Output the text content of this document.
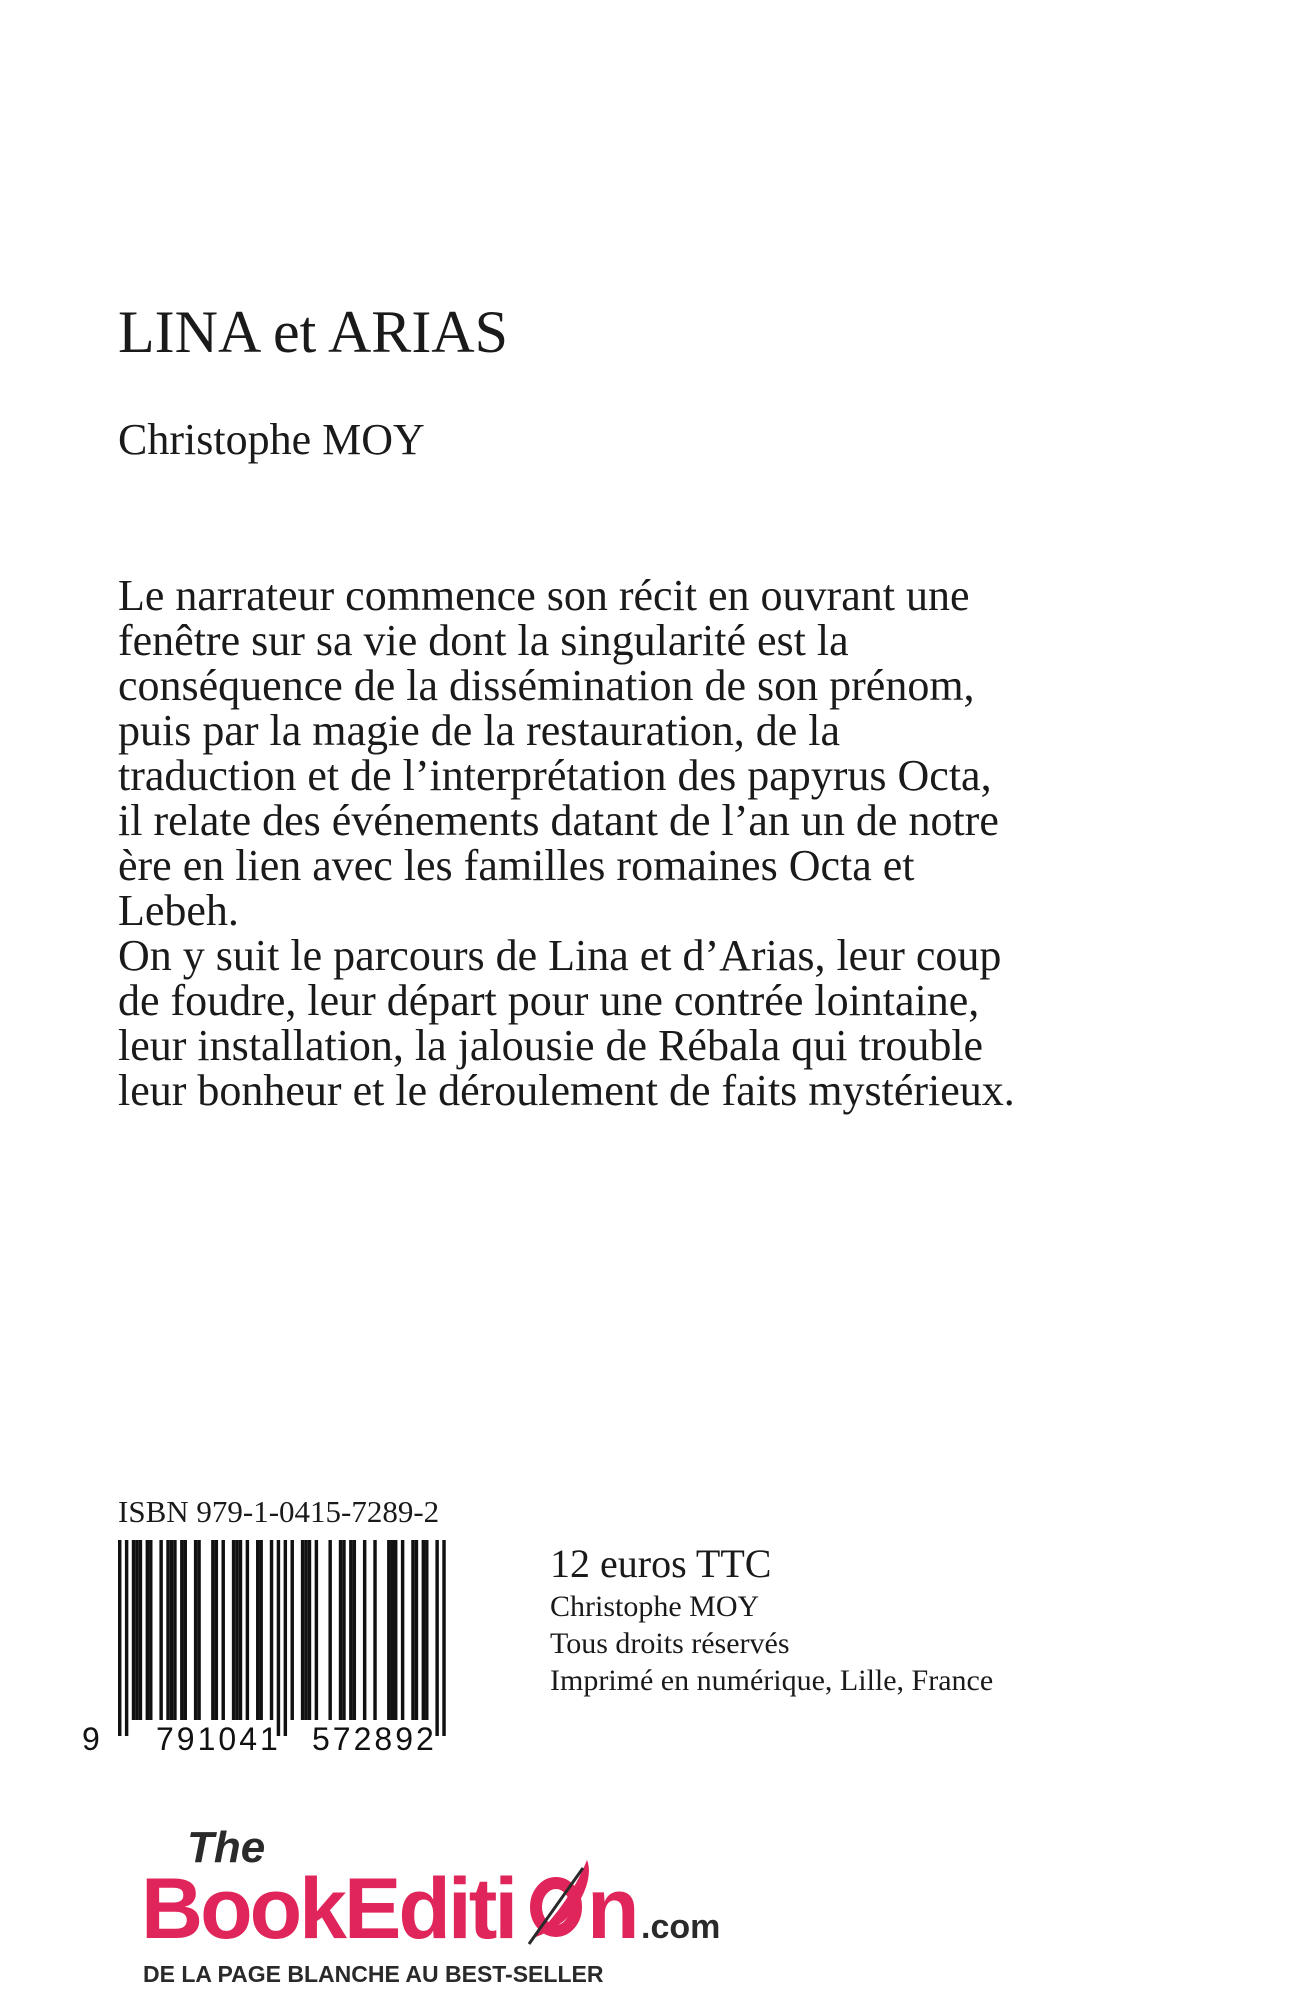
LINA et ARIAS
Christophe MOY

Le narrateur commence son récit en ouvrant une fenêtre sur sa vie dont la singularité est la conséquence de la dissémination de son prénom, puis par la magie de la restauration, de la traduction et de l’interprétation des papyrus Octa, il relate des événements datant de l’an un de notre ère en lien avec les familles romaines Octa et Lebeh.

On y suit le parcours de Lina et d’Arias, leur coup de foudre, leur départ pour une contrée lointaine, leur installation, la jalousie de Rébala qui trouble leur bonheur et le déroulement de faits mystérieux.

ISBN 979-1-0415-7289-2
9 791041 572892
12 euros TTC
Christophe MOY
Tous droits réservés
Imprimé en numérique, Lille, France
The
BookEditi n .com
DE LA PAGE BLANCHE AU BEST-SELLER
